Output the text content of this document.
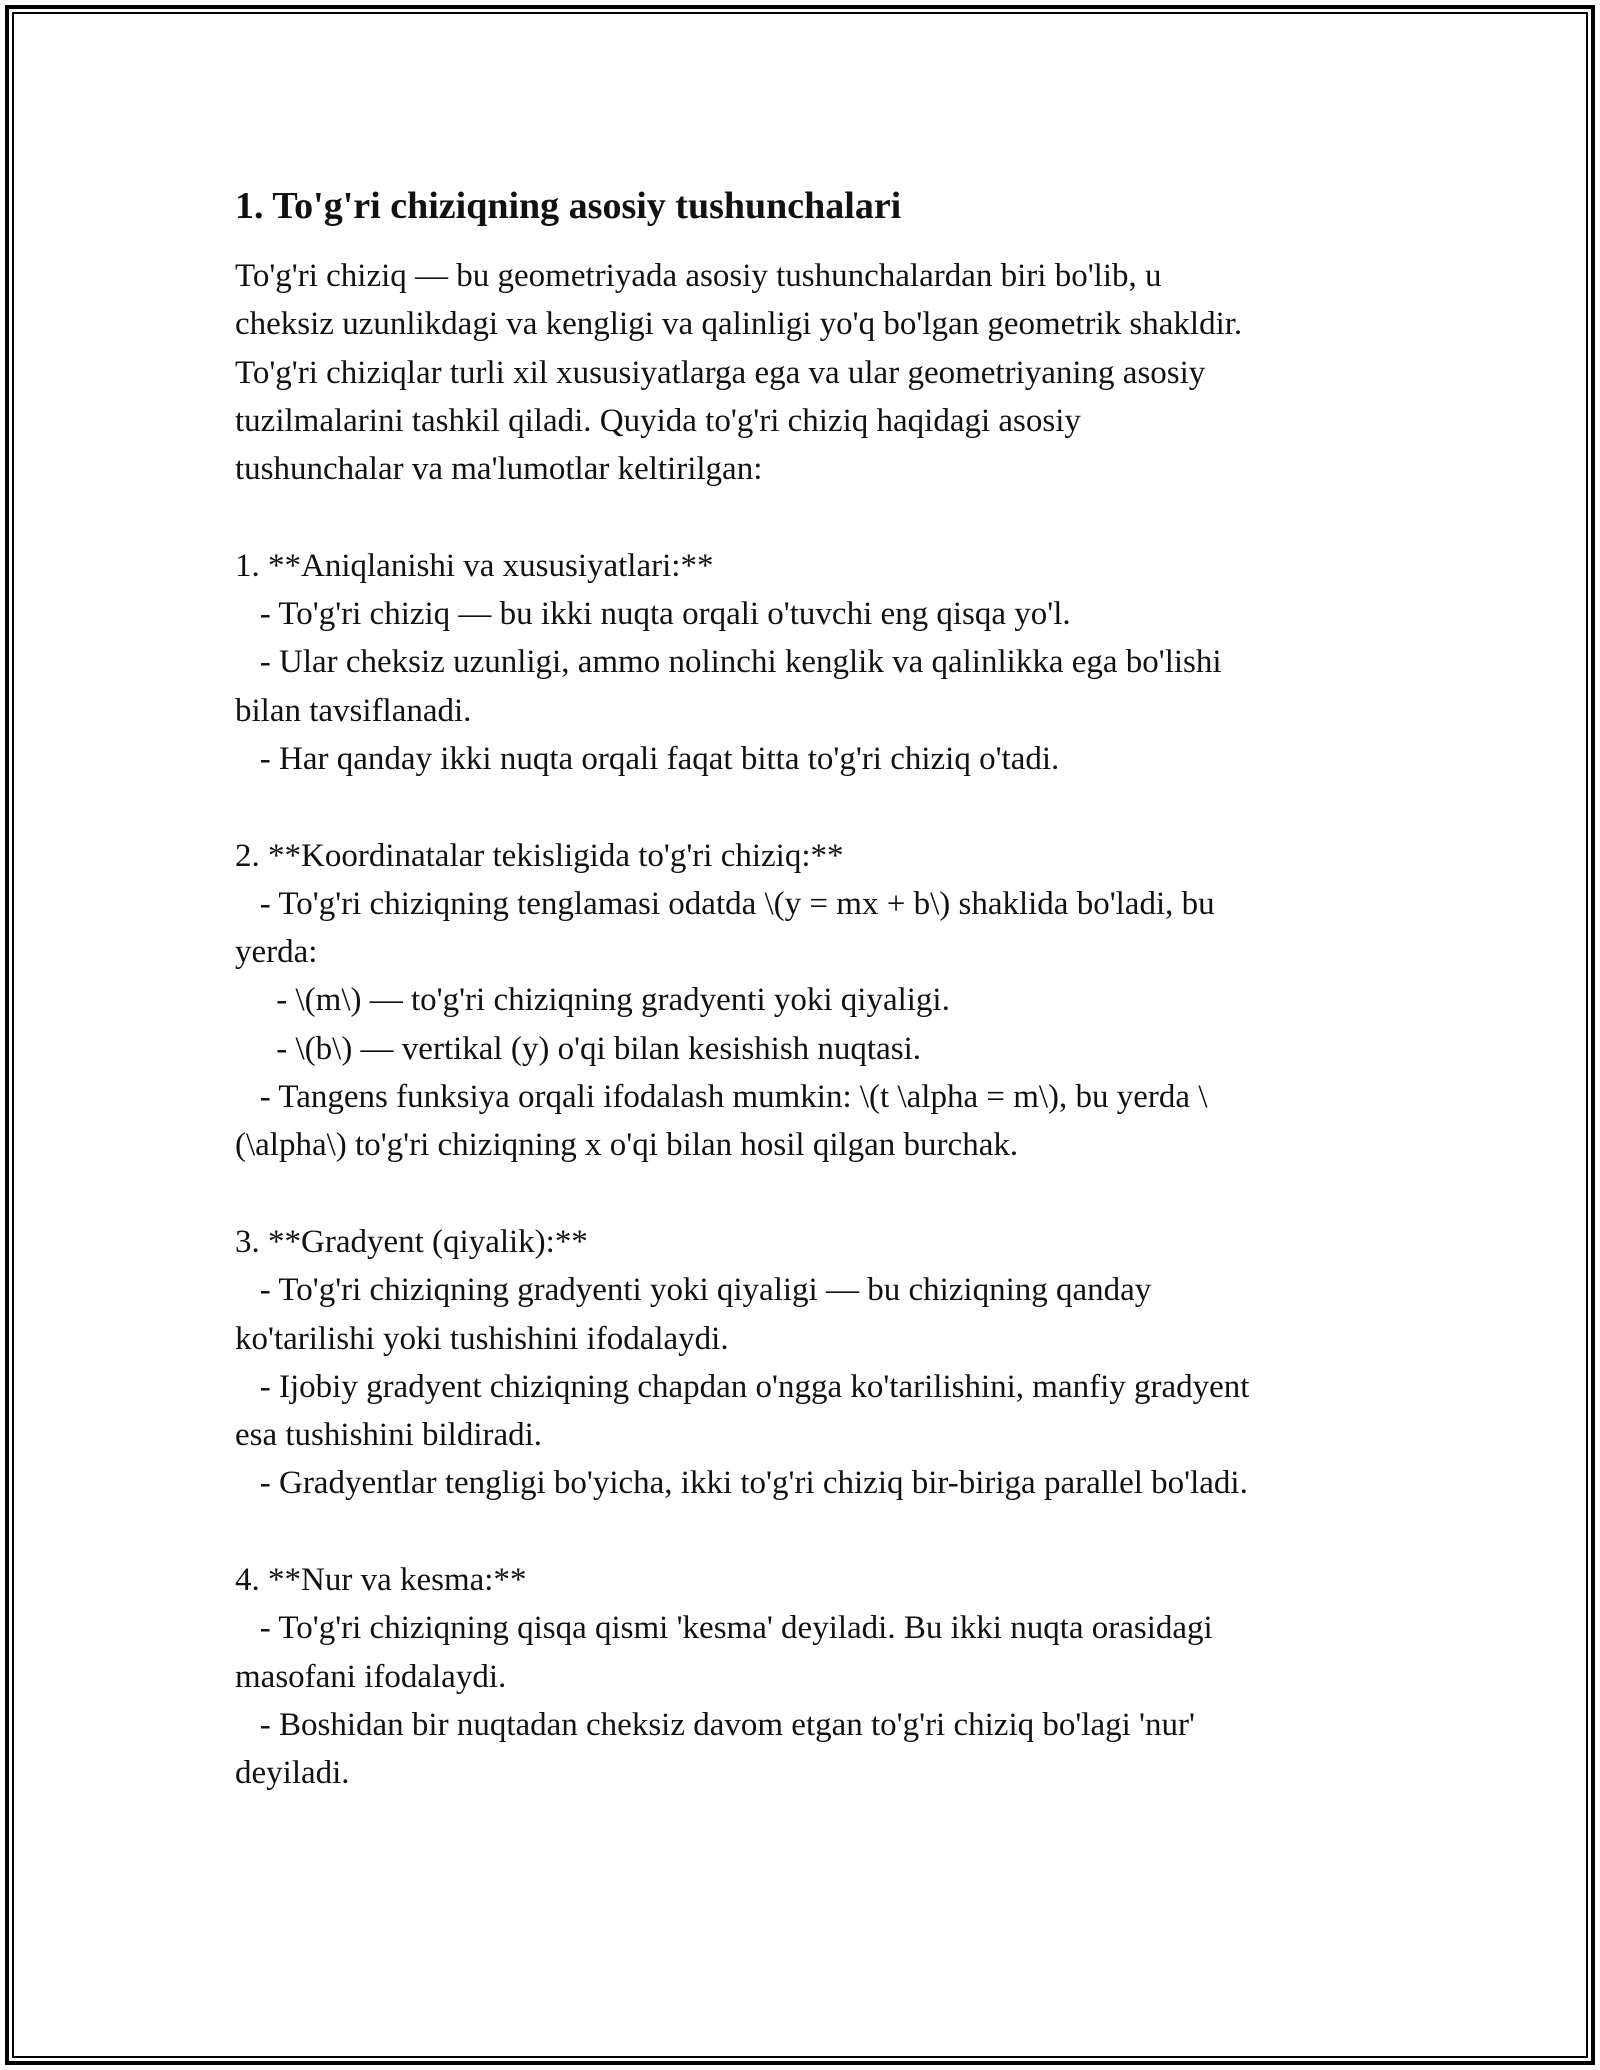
1. To'g'ri chiziqning asosiy tushunchalari
To'g'ri chiziq — bu geometriyada asosiy tushunchalardan biri bo'lib, u
cheksiz uzunlikdagi va kengligi va qalinligi yo'q bo'lgan geometrik shakldir.
To'g'ri chiziqlar turli xil xususiyatlarga ega va ular geometriyaning asosiy
tuzilmalarini tashkil qiladi. Quyida to'g'ri chiziq haqidagi asosiy
tushunchalar va ma'lumotlar keltirilgan:

1. **Aniqlanishi va xususiyatlari:**
- To'g'ri chiziq — bu ikki nuqta orqali o'tuvchi eng qisqa yo'l.
- Ular cheksiz uzunligi, ammo nolinchi kenglik va qalinlikka ega bo'lishi
bilan tavsiflanadi.
- Har qanday ikki nuqta orqali faqat bitta to'g'ri chiziq o'tadi.

2. **Koordinatalar tekisligida to'g'ri chiziq:**
- To'g'ri chiziqning tenglamasi odatda \(y = mx + b\) shaklida bo'ladi, bu
yerda:
- \(m\) — to'g'ri chiziqning gradyenti yoki qiyaligi.
- \(b\) — vertikal (y) o'qi bilan kesishish nuqtasi.
- Tangens funksiya orqali ifodalash mumkin: \(t \alpha = m\), bu yerda \
(\alpha\) to'g'ri chiziqning x o'qi bilan hosil qilgan burchak.

3. **Gradyent (qiyalik):**
- To'g'ri chiziqning gradyenti yoki qiyaligi — bu chiziqning qanday
ko'tarilishi yoki tushishini ifodalaydi.
- Ijobiy gradyent chiziqning chapdan o'ngga ko'tarilishini, manfiy gradyent
esa tushishini bildiradi.
- Gradyentlar tengligi bo'yicha, ikki to'g'ri chiziq bir-biriga parallel bo'ladi.

4. **Nur va kesma:**
- To'g'ri chiziqning qisqa qismi 'kesma' deyiladi. Bu ikki nuqta orasidagi
masofani ifodalaydi.
- Boshidan bir nuqtadan cheksiz davom etgan to'g'ri chiziq bo'lagi 'nur'
deyiladi.
